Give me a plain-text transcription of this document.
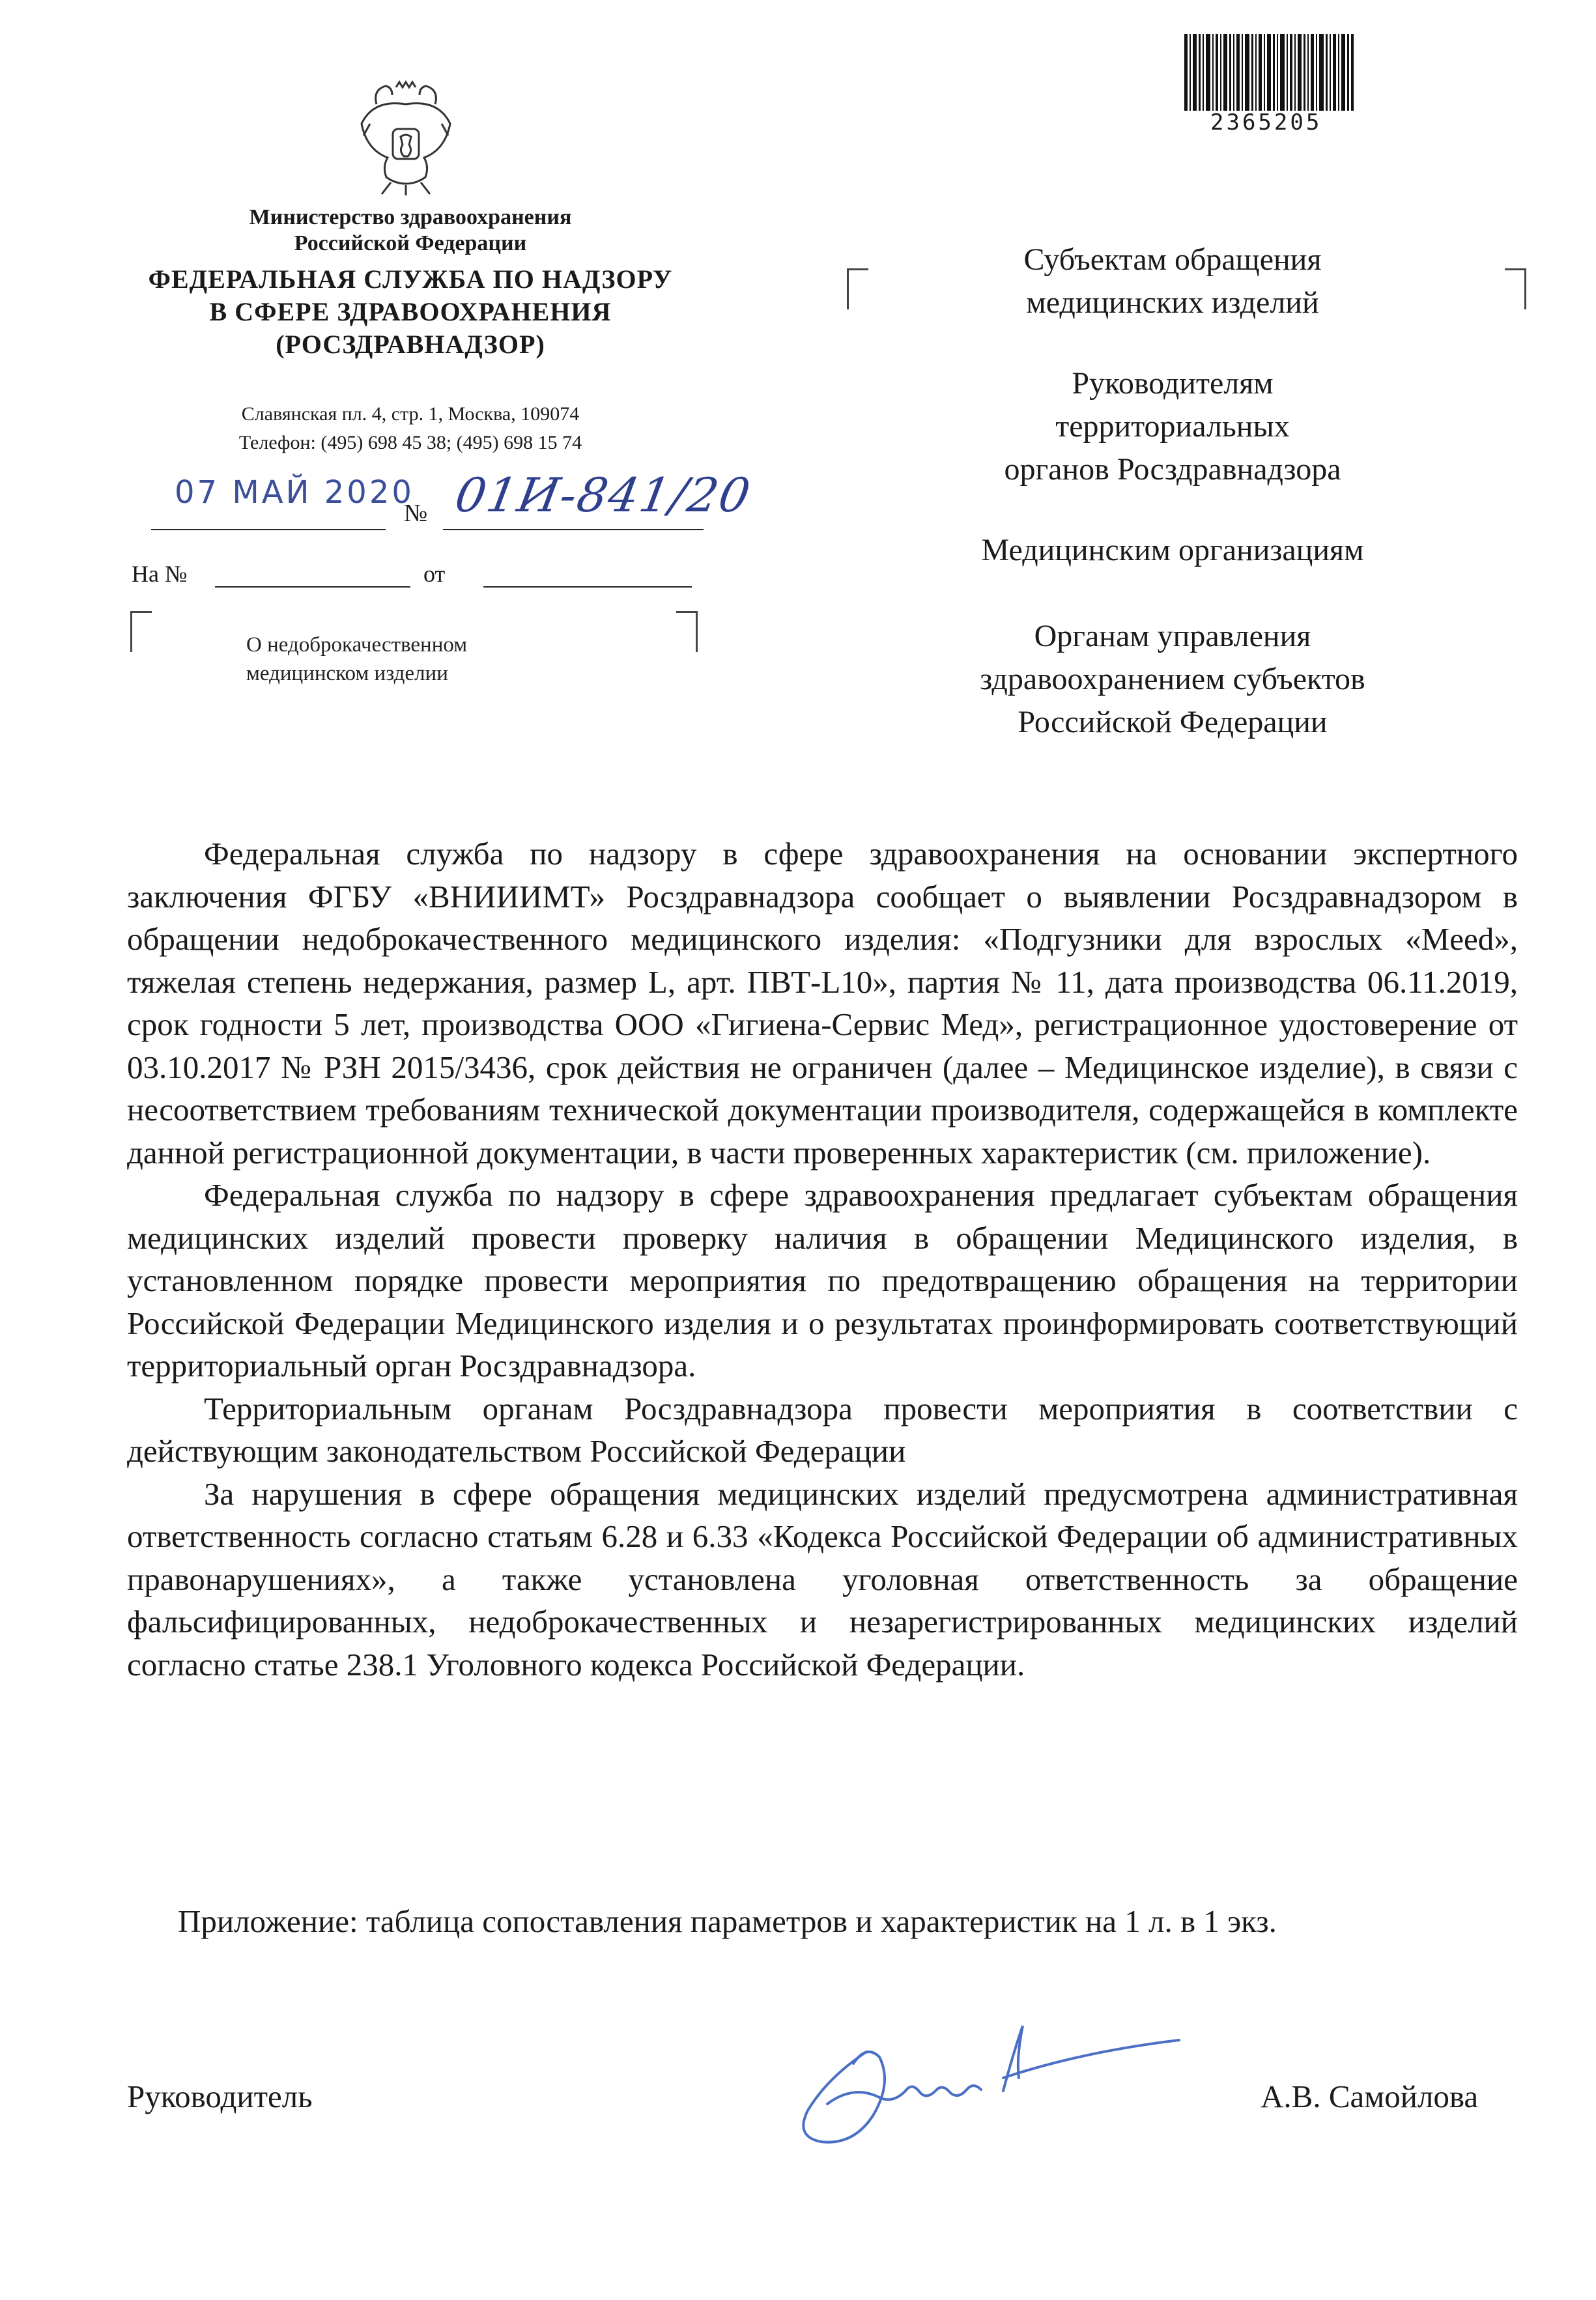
2365205
Министерство здравоохранения
Российской Федерации
ФЕДЕРАЛЬНАЯ СЛУЖБА ПО НАДЗОРУ
В СФЕРЕ ЗДРАВООХРАНЕНИЯ
(РОСЗДРАВНАДЗОР)
Славянская пл. 4, стр. 1, Москва, 109074
Телефон: (495) 698 45 38; (495) 698 15 74
07 МАЙ 2020
№ 01И-841/20
На №	от
О недоброкачественном
медицинском изделии
Субъектам обращения
медицинских изделий
Руководителям
территориальных
органов Росздравнадзора
Медицинским организациям
Органам управления
здравоохранением субъектов
Российской Федерации

Федеральная служба по надзору в сфере здравоохранения на основании экспертного заключения ФГБУ «ВНИИИМТ» Росздравнадзора сообщает о выявлении Росздравнадзором в обращении недоброкачественного медицинского изделия: «Подгузники для взрослых «Meed», тяжелая степень недержания, размер L, арт. ПВТ-L10», партия № 11, дата производства 06.11.2019, срок годности 5 лет, производства ООО «Гигиена-Сервис Мед», регистрационное удостоверение от 03.10.2017 № РЗН 2015/3436, срок действия не ограничен (далее – Медицинское изделие), в связи с несоответствием требованиям технической документации производителя, содержащейся в комплекте данной регистрационной документации, в части проверенных характеристик (см. приложение).

Федеральная служба по надзору в сфере здравоохранения предлагает субъектам обращения медицинских изделий провести проверку наличия в обращении Медицинского изделия, в установленном порядке провести мероприятия по предотвращению обращения на территории Российской Федерации Медицинского изделия и о результатах проинформировать соответствующий территориальный орган Росздравнадзора.

Территориальным органам Росздравнадзора провести мероприятия в соответствии с действующим законодательством Российской Федерации

За нарушения в сфере обращения медицинских изделий предусмотрена административная ответственность согласно статьям 6.28 и 6.33 «Кодекса Российской Федерации об административных правонарушениях», а также установлена уголовная ответственность за обращение фальсифицированных, недоброкачественных и незарегистрированных медицинских изделий согласно статье 238.1 Уголовного кодекса Российской Федерации.

Приложение: таблица сопоставления параметров и характеристик на 1 л. в 1 экз.
Руководитель	А.В. Самойлова
